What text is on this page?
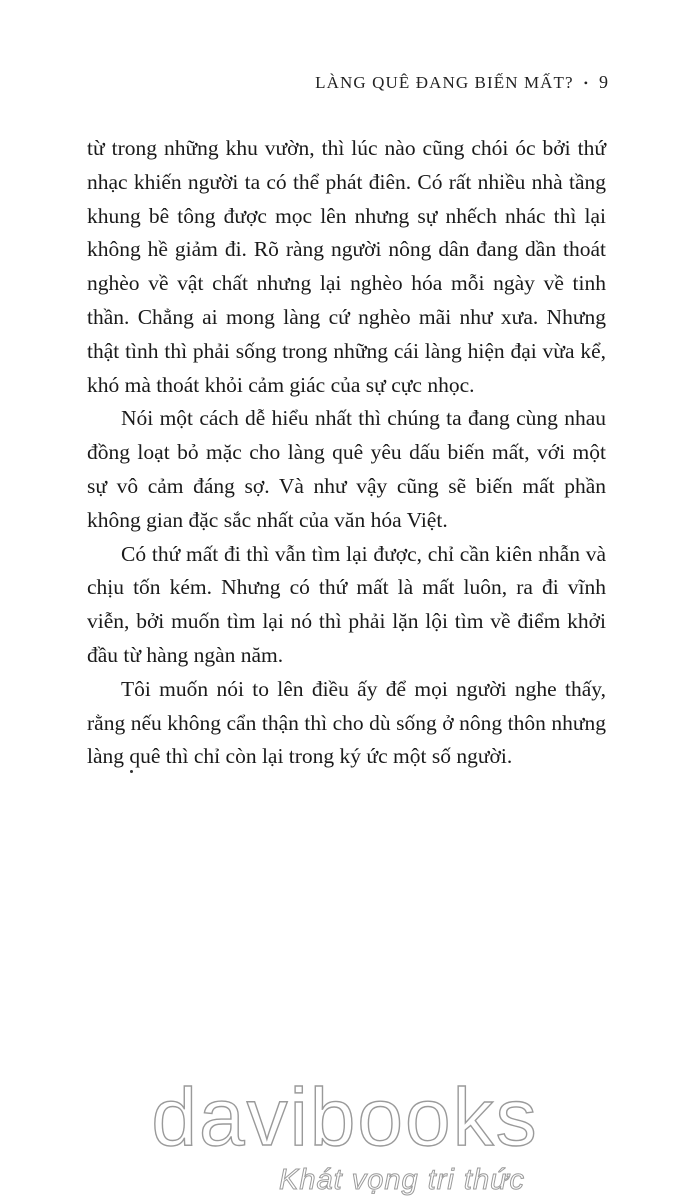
LÀNG QUÊ ĐANG BIẾN MẤT? • 9

từ trong những khu vườn, thì lúc nào cũng chói óc bởi thứ nhạc khiến người ta có thể phát điên. Có rất nhiều nhà tầng khung bê tông được mọc lên nhưng sự nhếch nhác thì lại không hề giảm đi. Rõ ràng người nông dân đang dần thoát nghèo về vật chất nhưng lại nghèo hóa mỗi ngày về tinh thần. Chẳng ai mong làng cứ nghèo mãi như xưa. Nhưng thật tình thì phải sống trong những cái làng hiện đại vừa kể, khó mà thoát khỏi cảm giác của sự cực nhọc.

Nói một cách dễ hiểu nhất thì chúng ta đang cùng nhau đồng loạt bỏ mặc cho làng quê yêu dấu biến mất, với một sự vô cảm đáng sợ. Và như vậy cũng sẽ biến mất phần không gian đặc sắc nhất của văn hóa Việt.

Có thứ mất đi thì vẫn tìm lại được, chỉ cần kiên nhẫn và chịu tốn kém. Nhưng có thứ mất là mất luôn, ra đi vĩnh viễn, bởi muốn tìm lại nó thì phải lặn lội tìm về điểm khởi đầu từ hàng ngàn năm.

Tôi muốn nói to lên điều ấy để mọi người nghe thấy, rằng nếu không cẩn thận thì cho dù sống ở nông thôn nhưng làng quê thì chỉ còn lại trong ký ức một số người.

davibooks
Khát vọng tri thức
